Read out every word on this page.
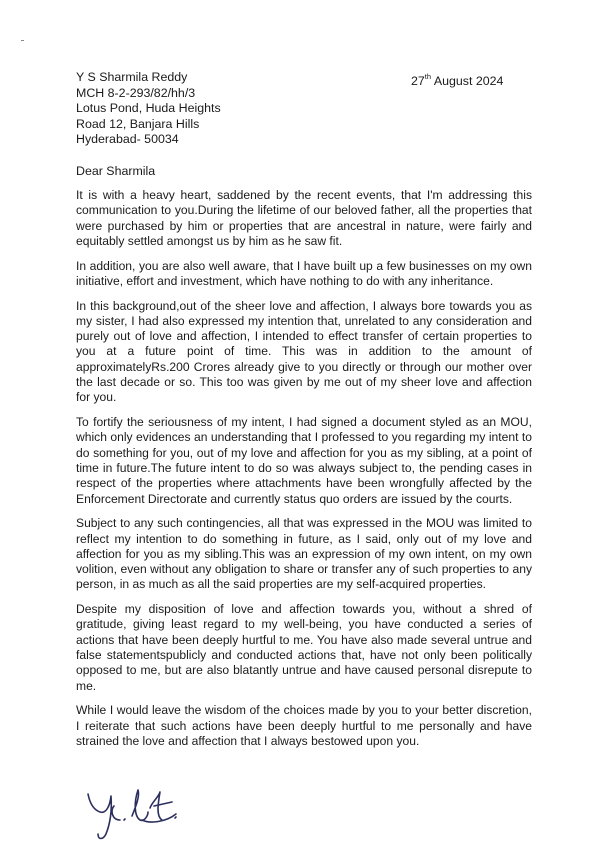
Y S Sharmila Reddy
MCH 8-2-293/82/hh/3
Lotus Pond, Huda Heights
Road 12, Banjara Hills
Hyderabad- 50034
27th August 2024
Dear Sharmila

It is with a heavy heart, saddened by the recent events, that I'm addressing this communication to you.During the lifetime of our beloved father, all the properties that were purchased by him or properties that are ancestral in nature, were fairly and equitably settled amongst us by him as he saw fit.

In addition, you are also well aware, that I have built up a few businesses on my own initiative, effort and investment, which have nothing to do with any inheritance.

In this background,out of the sheer love and affection, I always bore towards you as my sister, I had also expressed my intention that, unrelated to any consideration and purely out of love and affection, I intended to effect transfer of certain properties to you at a future point of time. This was in addition to the amount of approximatelyRs.200 Crores already give to you directly or through our mother over the last decade or so. This too was given by me out of my sheer love and affection for you.

To fortify the seriousness of my intent, I had signed a document styled as an MOU, which only evidences an understanding that I professed to you regarding my intent to do something for you, out of my love and affection for you as my sibling, at a point of time in future.The future intent to do so was always subject to, the pending cases in respect of the properties where attachments have been wrongfully affected by the Enforcement Directorate and currently status quo orders are issued by the courts.

Subject to any such contingencies, all that was expressed in the MOU was limited to reflect my intention to do something in future, as I said, only out of my love and affection for you as my sibling.This was an expression of my own intent, on my own volition, even without any obligation to share or transfer any of such properties to any person, in as much as all the said properties are my self-acquired properties.

Despite my disposition of love and affection towards you, without a shred of gratitude, giving least regard to my well-being, you have conducted a series of actions that have been deeply hurtful to me. You have also made several untrue and false statementspublicly and conducted actions that, have not only been politically opposed to me, but are also blatantly untrue and have caused personal disrepute to me.

While I would leave the wisdom of the choices made by you to your better discretion, I reiterate that such actions have been deeply hurtful to me personally and have strained the love and affection that I always bestowed upon you.
